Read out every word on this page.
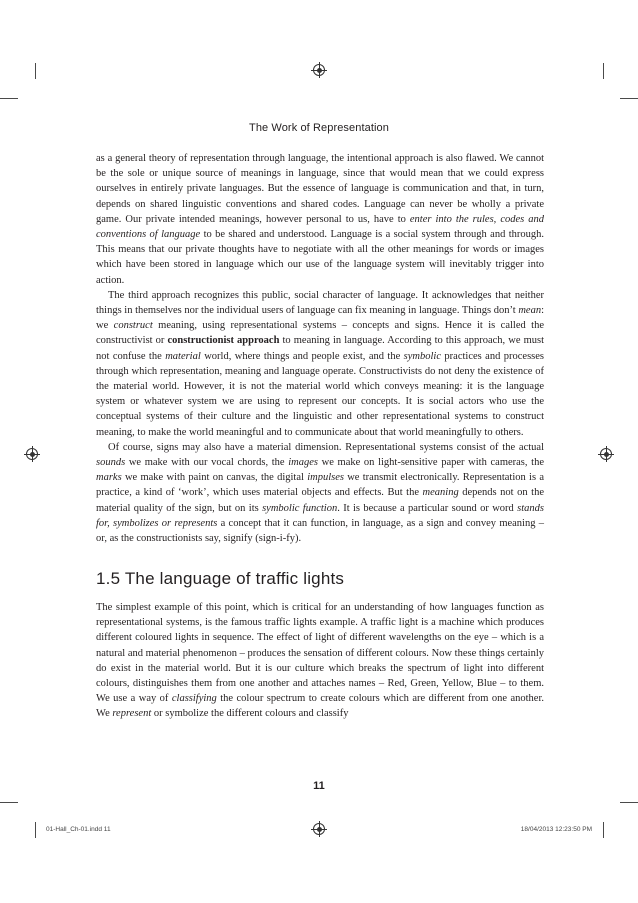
The Work of Representation

as a general theory of representation through language, the intentional approach is also flawed. We cannot be the sole or unique source of meanings in language, since that would mean that we could express ourselves in entirely private languages. But the essence of language is communication and that, in turn, depends on shared linguistic conventions and shared codes. Language can never be wholly a private game. Our private intended meanings, however personal to us, have to enter into the rules, codes and conventions of language to be shared and understood. Language is a social system through and through. This means that our private thoughts have to negotiate with all the other meanings for words or images which have been stored in language which our use of the language system will inevitably trigger into action.

The third approach recognizes this public, social character of language. It acknowledges that neither things in themselves nor the individual users of language can fix meaning in language. Things don’t mean: we construct meaning, using representational systems – concepts and signs. Hence it is called the constructivist or constructionist approach to meaning in language. According to this approach, we must not confuse the material world, where things and people exist, and the symbolic practices and processes through which representation, meaning and language operate. Constructivists do not deny the existence of the material world. However, it is not the material world which conveys meaning: it is the language system or whatever system we are using to represent our concepts. It is social actors who use the conceptual systems of their culture and the linguistic and other representational systems to construct meaning, to make the world meaningful and to communicate about that world meaningfully to others.

Of course, signs may also have a material dimension. Representational systems consist of the actual sounds we make with our vocal chords, the images we make on light-sensitive paper with cameras, the marks we make with paint on canvas, the digital impulses we transmit electronically. Representation is a practice, a kind of ‘work’, which uses material objects and effects. But the meaning depends not on the material quality of the sign, but on its symbolic function. It is because a particular sound or word stands for, symbolizes or represents a concept that it can function, in language, as a sign and convey meaning – or, as the constructionists say, signify (sign-i-fy).

1.5 The language of traffic lights

The simplest example of this point, which is critical for an understanding of how languages function as representational systems, is the famous traffic lights example. A traffic light is a machine which produces different coloured lights in sequence. The effect of light of different wavelengths on the eye – which is a natural and material phenomenon – produces the sensation of different colours. Now these things certainly do exist in the material world. But it is our culture which breaks the spectrum of light into different colours, distinguishes them from one another and attaches names – Red, Green, Yellow, Blue – to them. We use a way of classifying the colour spectrum to create colours which are different from one another. We represent or symbolize the different colours and classify

11
01-Hall_Ch-01.indd 11	18/04/2013 12:23:50 PM
